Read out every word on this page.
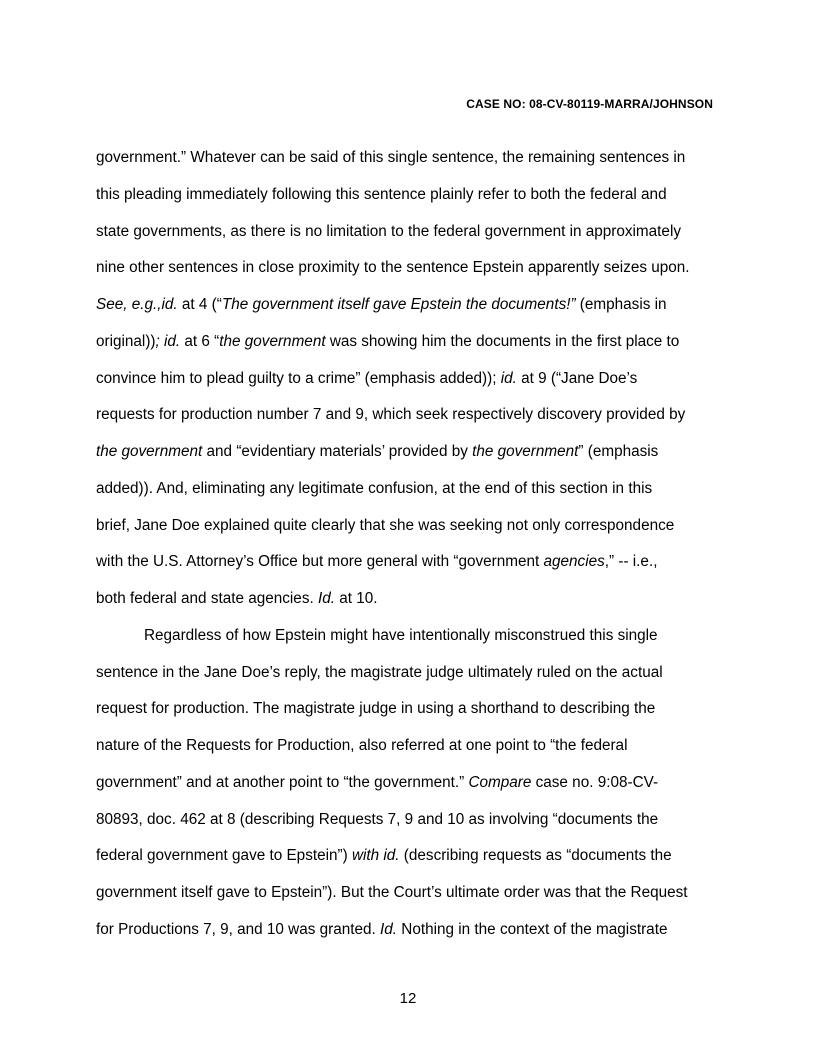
CASE NO: 08-CV-80119-MARRA/JOHNSON
government.” Whatever can be said of this single sentence, the remaining sentences in
this pleading immediately following this sentence plainly refer to both the federal and
state governments, as there is no limitation to the federal government in approximately
nine other sentences in close proximity to the sentence Epstein apparently seizes upon.
See, e.g.,id. at 4 (“The government itself gave Epstein the documents!” (emphasis in
original)); id. at 6 “the government was showing him the documents in the first place to
convince him to plead guilty to a crime” (emphasis added)); id. at 9 (“Jane Doe’s
requests for production number 7 and 9, which seek respectively discovery provided by
the government and “evidentiary materials’ provided by the government” (emphasis
added)). And, eliminating any legitimate confusion, at the end of this section in this
brief, Jane Doe explained quite clearly that she was seeking not only correspondence
with the U.S. Attorney’s Office but more general with “government agencies,” -- i.e.,
both federal and state agencies. Id. at 10.
Regardless of how Epstein might have intentionally misconstrued this single
sentence in the Jane Doe’s reply, the magistrate judge ultimately ruled on the actual
request for production. The magistrate judge in using a shorthand to describing the
nature of the Requests for Production, also referred at one point to “the federal
government” and at another point to “the government.” Compare case no. 9:08-CV-
80893, doc. 462 at 8 (describing Requests 7, 9 and 10 as involving “documents the
federal government gave to Epstein”) with id. (describing requests as “documents the
government itself gave to Epstein”). But the Court’s ultimate order was that the Request
for Productions 7, 9, and 10 was granted. Id. Nothing in the context of the magistrate
12
